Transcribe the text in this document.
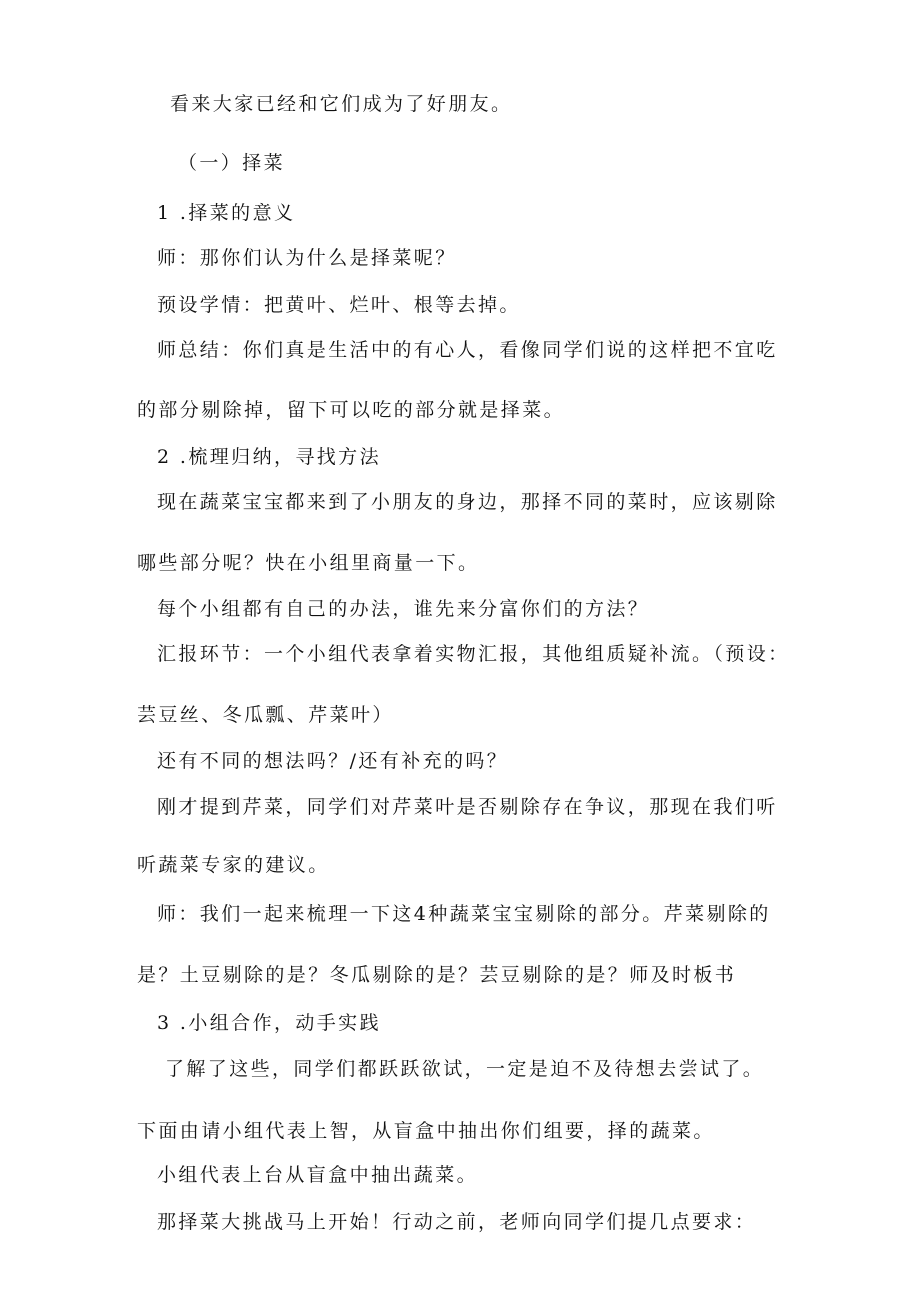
看来大家已经和它们成为了好朋友。
（一）择菜
1 .择菜的意义
师：那你们认为什么是择菜呢？
预设学情：把黄叶、烂叶、根等去掉。
师总结：你们真是生活中的有心人，看像同学们说的这样把不宜吃
的部分剔除掉，留下可以吃的部分就是择菜。
2 .梳理归纳，寻找方法
现在蔬菜宝宝都来到了小朋友的身边，那择不同的菜时，应该剔除
哪些部分呢？快在小组里商量一下。
每个小组都有自己的办法，谁先来分富你们的方法？
汇报环节：一个小组代表拿着实物汇报，其他组质疑补流。（预设：
芸豆丝、冬瓜瓢、芹菜叶）
还有不同的想法吗？/还有补充的吗？
刚才提到芹菜，同学们对芹菜叶是否剔除存在争议，那现在我们听
听蔬菜专家的建议。
师：我们一起来梳理一下这4种蔬菜宝宝剔除的部分。芹菜剔除的
是？土豆剔除的是？冬瓜剔除的是？芸豆剔除的是？师及时板书
3 .小组合作，动手实践
了解了这些，同学们都跃跃欲试，一定是迫不及待想去尝试了。
下面由请小组代表上智，从盲盒中抽出你们组要，择的蔬菜。
小组代表上台从盲盒中抽出蔬菜。
那择菜大挑战马上开始！行动之前，老师向同学们提几点要求：
